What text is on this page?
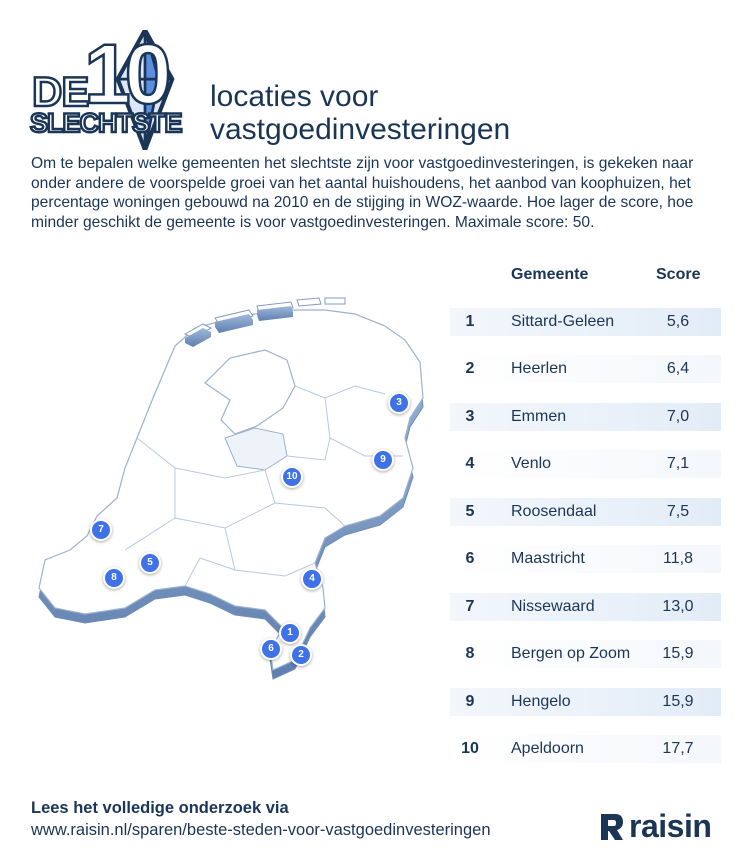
10
DE
SLECHTSTE
locaties voor
vastgoedinvesteringen

Om te bepalen welke gemeenten het slechtste zijn voor vastgoedinvesteringen, is gekeken naar onder andere de voorspelde groei van het aantal huishoudens, het aanbod van koophuizen, het percentage woningen gebouwd na 2010 en de stijging in WOZ-waarde. Hoe lager de score, hoe minder geschikt de gemeente is voor vastgoedinvesteringen. Maximale score: 50.

1
2
3
4
5
6
7
8
9
10
Gemeente	Score
1	Sittard-Geleen	5,6
2	Heerlen	6,4
3	Emmen	7,0
4	Venlo	7,1
5	Roosendaal	7,5
6	Maastricht	11,8
7	Nissewaard	13,0
8	Bergen op Zoom	15,9
9	Hengelo	15,9
10	Apeldoorn	17,7
Lees het volledige onderzoek via
www.raisin.nl/sparen/beste-steden-voor-vastgoedinvesteringen	raisin
